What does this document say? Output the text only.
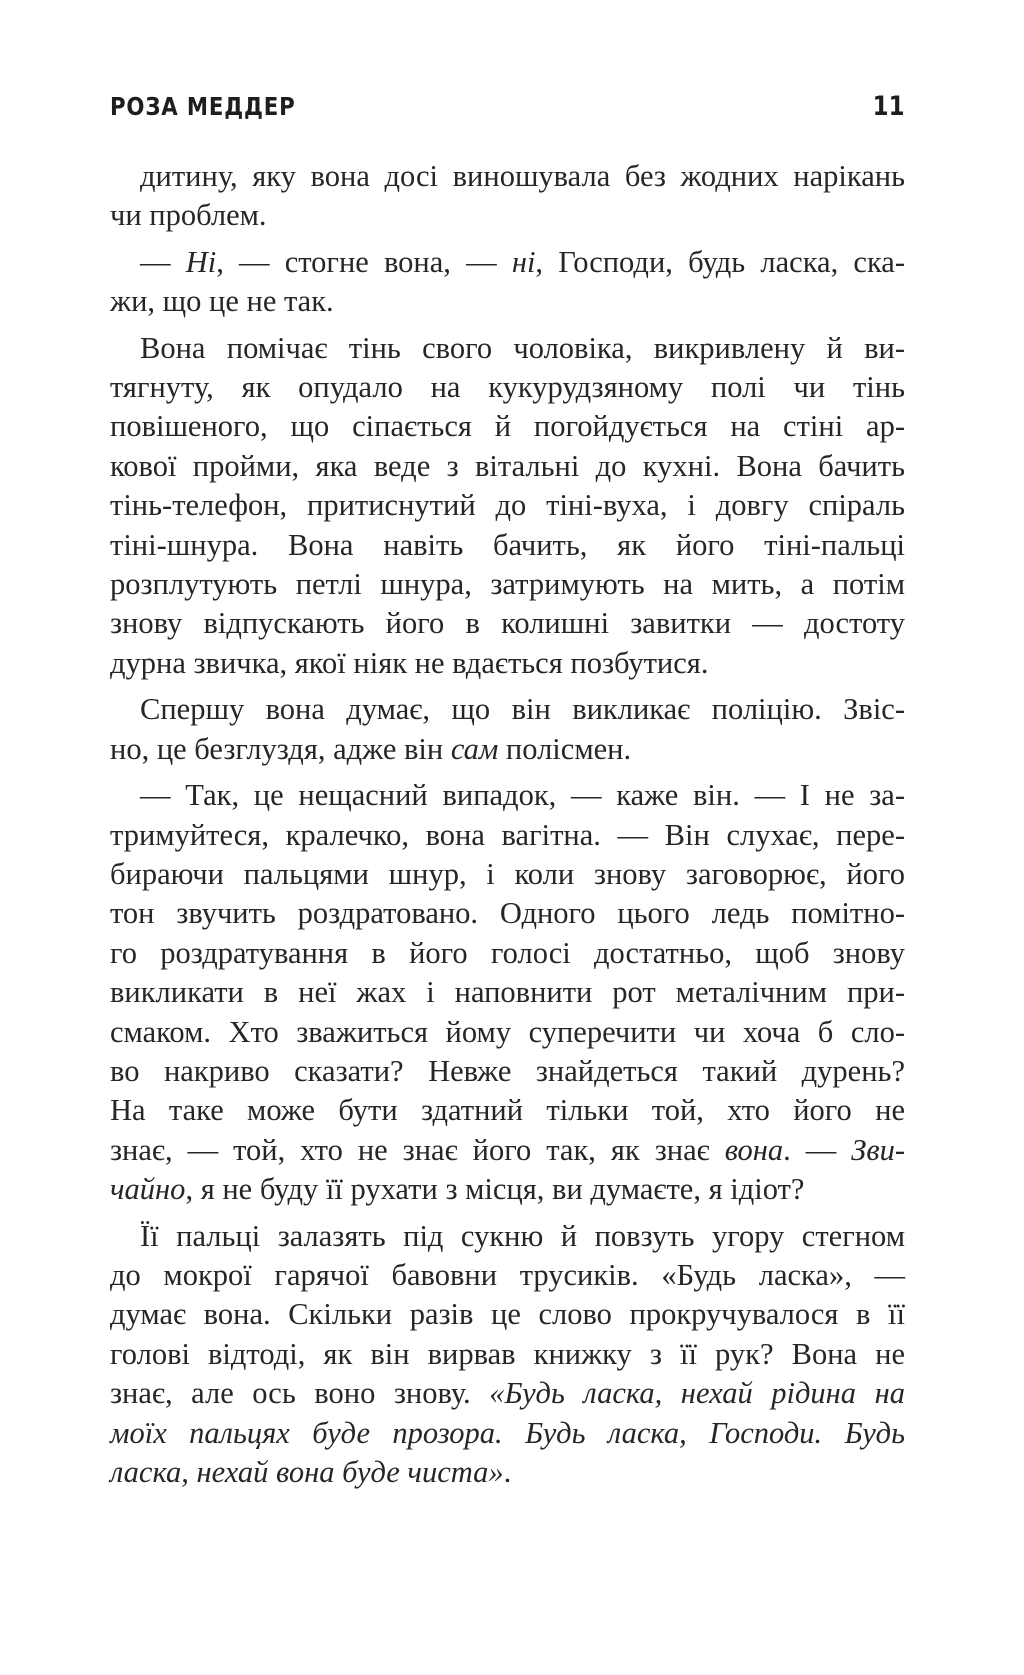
РОЗА МЕДДЕР	11
дитину, яку вона досі виношувала без жодних нарікань
чи проблем.
— Ні, — стогне вона, — ні, Господи, будь ласка, ска-
жи, що це не так.
Вона помічає тінь свого чоловіка, викривлену й ви-
тягнуту, як опудало на кукурудзяному полі чи тінь
повішеного, що сіпається й погойдується на стіні ар-
кової пройми, яка веде з вітальні до кухні. Вона бачить
тінь-телефон, притиснутий до тіні-вуха, і довгу спіраль
тіні-шнура. Вона навіть бачить, як його тіні-пальці
розплутують петлі шнура, затримують на мить, а потім
знову відпускають його в колишні завитки — достоту
дурна звичка, якої ніяк не вдається позбутися.
Спершу вона думає, що він викликає поліцію. Звіс-
но, це безглуздя, адже він сам полісмен.
— Так, це нещасний випадок, — каже він. — І не за-
тримуйтеся, кралечко, вона вагітна. — Він слухає, пере-
бираючи пальцями шнур, і коли знову заговорює, його
тон звучить роздратовано. Одного цього ледь помітно-
го роздратування в його голосі достатньо, щоб знову
викликати в неї жах і наповнити рот металічним при-
смаком. Хто зважиться йому суперечити чи хоча б сло-
во накриво сказати? Невже знайдеться такий дурень?
На таке може бути здатний тільки той, хто його не
знає, — той, хто не знає його так, як знає вона. — Зви-
чайно, я не буду її рухати з місця, ви думаєте, я ідіот?
Її пальці залазять під сукню й повзуть угору стегном
до мокрої гарячої бавовни трусиків. «Будь ласка», —
думає вона. Скільки разів це слово прокручувалося в її
голові відтоді, як він вирвав книжку з її рук? Вона не
знає, але ось воно знову. «Будь ласка, нехай рідина на
моїх пальцях буде прозора. Будь ласка, Господи. Будь
ласка, нехай вона буде чиста».
